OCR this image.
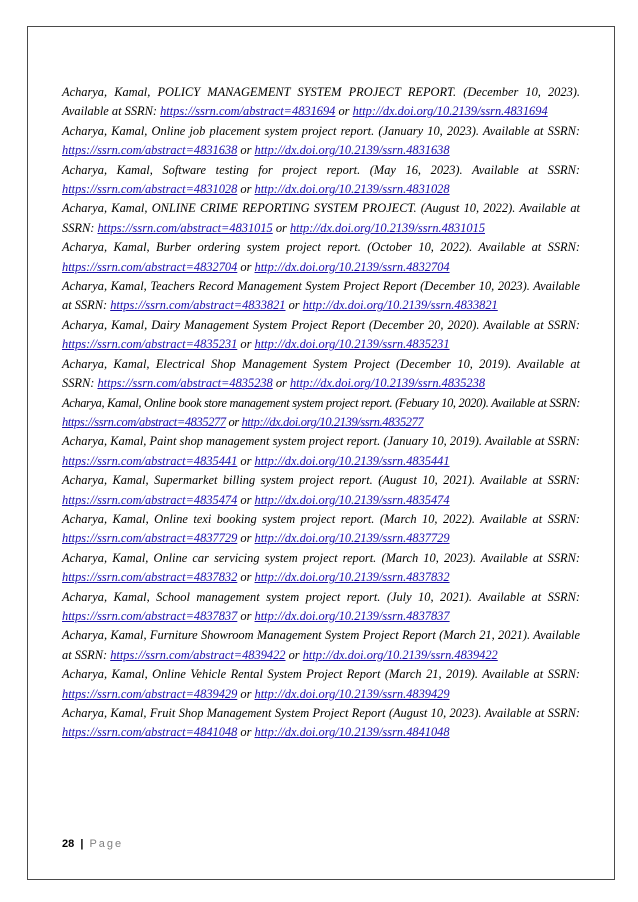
Acharya, Kamal, POLICY MANAGEMENT SYSTEM PROJECT REPORT. (December 10, 2023). Available at SSRN: https://ssrn.com/abstract=4831694 or http://dx.doi.org/10.2139/ssrn.4831694

Acharya, Kamal, Online job placement system project report. (January 10, 2023). Available at SSRN: https://ssrn.com/abstract=4831638 or http://dx.doi.org/10.2139/ssrn.4831638

Acharya, Kamal, Software testing for project report. (May 16, 2023). Available at SSRN: https://ssrn.com/abstract=4831028 or http://dx.doi.org/10.2139/ssrn.4831028

Acharya, Kamal, ONLINE CRIME REPORTING SYSTEM PROJECT. (August 10, 2022). Available at SSRN: https://ssrn.com/abstract=4831015 or http://dx.doi.org/10.2139/ssrn.4831015

Acharya, Kamal, Burber ordering system project report. (October 10, 2022). Available at SSRN: https://ssrn.com/abstract=4832704 or http://dx.doi.org/10.2139/ssrn.4832704

Acharya, Kamal, Teachers Record Management System Project Report (December 10, 2023). Available at SSRN: https://ssrn.com/abstract=4833821 or http://dx.doi.org/10.2139/ssrn.4833821

Acharya, Kamal, Dairy Management System Project Report (December 20, 2020). Available at SSRN: https://ssrn.com/abstract=4835231 or http://dx.doi.org/10.2139/ssrn.4835231

Acharya, Kamal, Electrical Shop Management System Project (December 10, 2019). Available at SSRN: https://ssrn.com/abstract=4835238 or http://dx.doi.org/10.2139/ssrn.4835238

Acharya, Kamal, Online book store management system project report. (Febuary 10, 2020). Available at SSRN: https://ssrn.com/abstract=4835277 or http://dx.doi.org/10.2139/ssrn.4835277

Acharya, Kamal, Paint shop management system project report. (January 10, 2019). Available at SSRN: https://ssrn.com/abstract=4835441 or http://dx.doi.org/10.2139/ssrn.4835441

Acharya, Kamal, Supermarket billing system project report. (August 10, 2021). Available at SSRN: https://ssrn.com/abstract=4835474 or http://dx.doi.org/10.2139/ssrn.4835474

Acharya, Kamal, Online texi booking system project report. (March 10, 2022). Available at SSRN: https://ssrn.com/abstract=4837729 or http://dx.doi.org/10.2139/ssrn.4837729

Acharya, Kamal, Online car servicing system project report. (March 10, 2023). Available at SSRN: https://ssrn.com/abstract=4837832 or http://dx.doi.org/10.2139/ssrn.4837832

Acharya, Kamal, School management system project report. (July 10, 2021). Available at SSRN: https://ssrn.com/abstract=4837837 or http://dx.doi.org/10.2139/ssrn.4837837

Acharya, Kamal, Furniture Showroom Management System Project Report (March 21, 2021). Available at SSRN: https://ssrn.com/abstract=4839422 or http://dx.doi.org/10.2139/ssrn.4839422

Acharya, Kamal, Online Vehicle Rental System Project Report (March 21, 2019). Available at SSRN: https://ssrn.com/abstract=4839429 or http://dx.doi.org/10.2139/ssrn.4839429

Acharya, Kamal, Fruit Shop Management System Project Report (August 10, 2023). Available at SSRN: https://ssrn.com/abstract=4841048 or http://dx.doi.org/10.2139/ssrn.4841048

28 | Page
